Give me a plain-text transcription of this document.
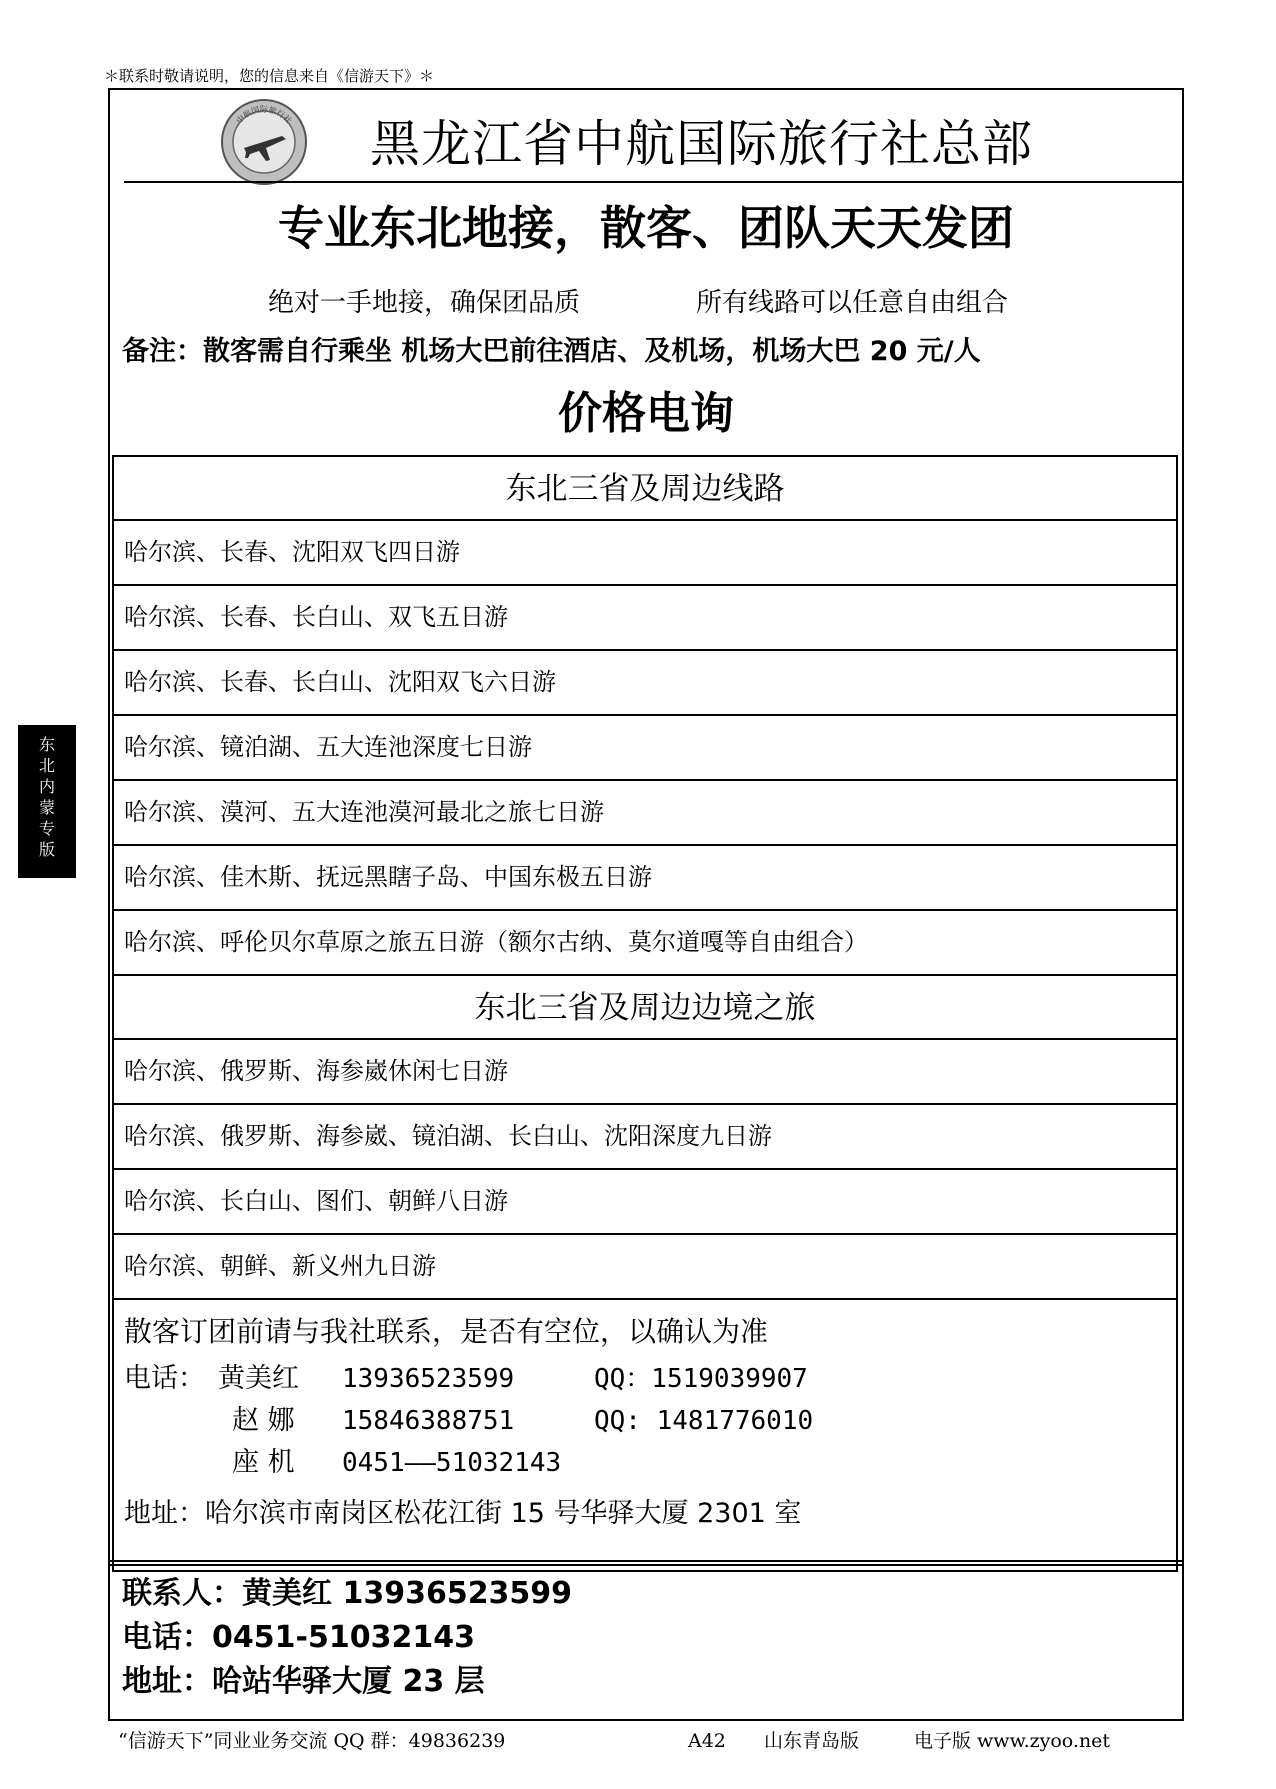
＊联系时敬请说明，您的信息来自《信游天下》＊
东
北
内
蒙
专
版
中航国际旅行社 黑龙江省中航国际旅行社总部
专业东北地接，散客、团队天天发团
绝对一手地接，确保团品质	所有线路可以任意自由组合
备注：散客需自行乘坐 机场大巴前往酒店、及机场，机场大巴 20 元/人
价格电询
东北三省及周边线路
哈尔滨、长春、沈阳双飞四日游
哈尔滨、长春、长白山、双飞五日游
哈尔滨、长春、长白山、沈阳双飞六日游
哈尔滨、镜泊湖、五大连池深度七日游
哈尔滨、漠河、五大连池漠河最北之旅七日游
哈尔滨、佳木斯、抚远黑瞎子岛、中国东极五日游
哈尔滨、呼伦贝尔草原之旅五日游（额尔古纳、莫尔道嘎等自由组合）
东北三省及周边边境之旅
哈尔滨、俄罗斯、海参崴休闲七日游
哈尔滨、俄罗斯、海参崴、镜泊湖、长白山、沈阳深度九日游
哈尔滨、长白山、图们、朝鲜八日游
哈尔滨、朝鲜、新义州九日游
散客订团前请与我社联系，是否有空位，以确认为准
电话： 黄美红 13936523599	QQ：1519039907
赵 娜 15846388751	QQ: 1481776010
座 机 0451——51032143
地址：哈尔滨市南岗区松花江街 15 号华驿大厦 2301 室
联系人：黄美红 13936523599
电话：0451-51032143
地址：哈站华驿大厦 23 层
“信游天下”同业业务交流 QQ 群：49836239	A42 山东青岛版	电子版 www.zyoo.net
